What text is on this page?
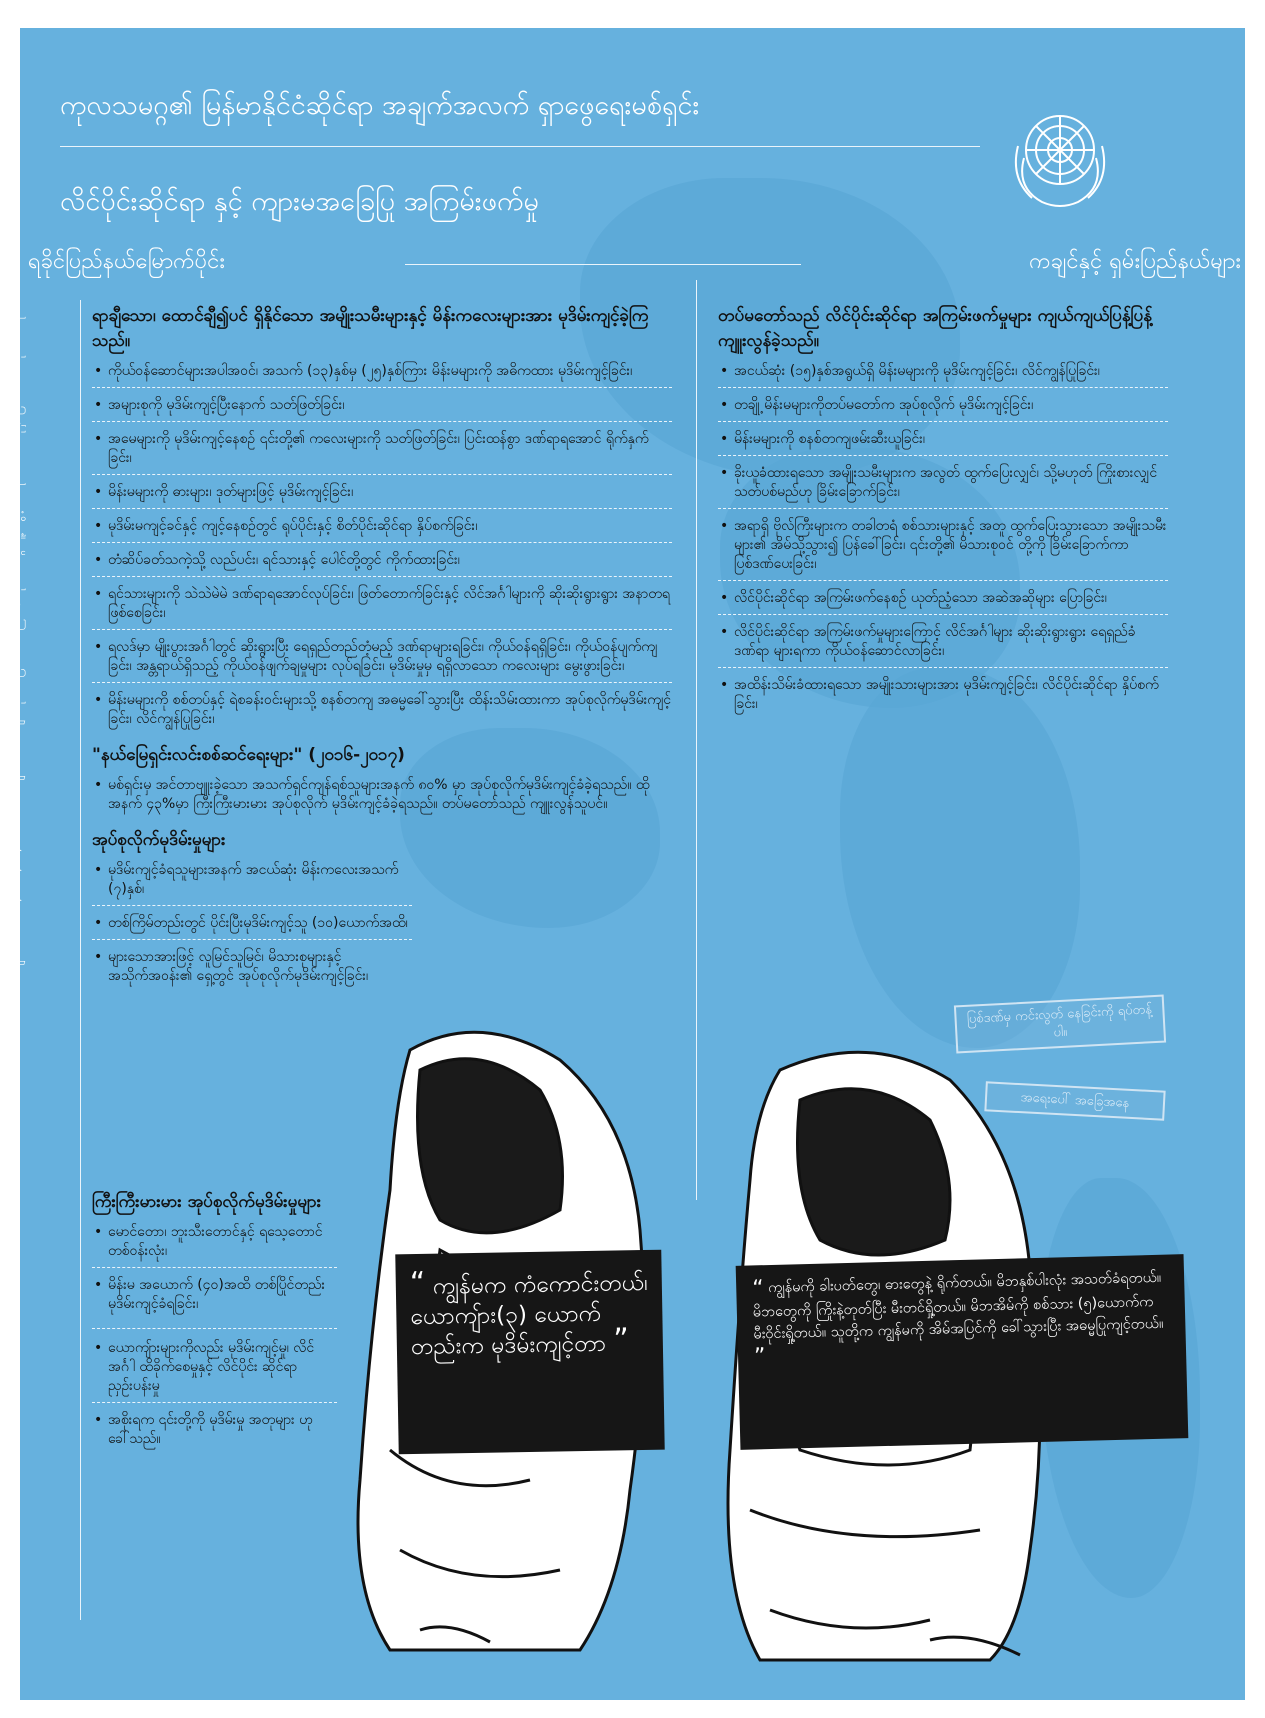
အချက်အလက် A/HRC/39/CRP.2 ပါ အချက်အလက်များကို အခြေခံထားသည်။ ©ကုလသမဂ္ဂ လူ့အခွင့်အရေးကောင်စီ။ ပုံနှိပ်ခြင်း ။ ဓာတ်ပုံ လင်ခ်ရင်း။
ကုလသမဂ္ဂ၏ မြန်မာနိုင်ငံဆိုင်ရာ အချက်အလက် ရှာဖွေရေးမစ်ရှင်း
လိင်ပိုင်းဆိုင်ရာ နှင့် ကျားမအခြေပြု အကြမ်းဖက်မှု
ရခိုင်ပြည်နယ်မြောက်ပိုင်း	ကချင်နှင့် ရှမ်းပြည်နယ်များ

ရာချီသော၊ ထောင်ချီ၍ပင် ရှိနိုင်သော အမျိုးသမီးများနှင့် မိန်းကလေးများအား မုဒိမ်းကျင့်ခဲ့ကြသည်။

• ကိုယ်ဝန်ဆောင်များအပါအဝင်၊ အသက် (၁၃)နှစ်မှ (၂၅)နှစ်ကြား မိန်းမများကို အဓိကထား မုဒိမ်းကျင့်ခြင်း၊
• အများစုကို မုဒိမ်းကျင့်ပြီးနောက် သတ်ဖြတ်ခြင်း၊
• အမေများကို မုဒိမ်းကျင့်နေစဉ် ၎င်းတို့၏ ကလေးများကို သတ်ဖြတ်ခြင်း၊ ပြင်းထန်စွာ ဒဏ်ရာရအောင် ရိုက်နှက်ခြင်း၊
• မိန်းမများကို ဓားများ၊ ဒုတ်များဖြင့် မုဒိမ်းကျင့်ခြင်း၊
• မုဒိမ်းမကျင့်ခင်နှင့် ကျင့်နေစဉ်တွင် ရုပ်ပိုင်းနှင့် စိတ်ပိုင်းဆိုင်ရာ နှိပ်စက်ခြင်း၊
• တံဆိပ်ခတ်သကဲ့သို့ လည်ပင်း၊ ရင်သားနှင့် ပေါင်တို့တွင် ကိုက်ထားခြင်း၊
• ရင်သားများကို သဲသဲမဲမဲ ဒဏ်ရာရအောင်လုပ်ခြင်း၊ ဖြတ်တောက်ခြင်းနှင့် လိင်အင်္ဂါများကို ဆိုးဆိုးရွားရွား အနာတရဖြစ်စေခြင်း၊
• ရလဒ်မှာ မျိုးပွားအင်္ဂါတွင် ဆိုးရွားပြီး ရေရှည်တည်တံ့မည့် ဒဏ်ရာများရခြင်း၊ ကိုယ်ဝန်ရရှိခြင်း၊ ကိုယ်ဝန်ပျက်ကျခြင်း၊ အန္တရာယ်ရှိသည့် ကိုယ်ဝန်ဖျက်ချမှုများ လုပ်ရခြင်း၊ မုဒိမ်းမှုမှ ရရှိလာသော ကလေးများ မွေးဖွားခြင်း၊
• မိန်းမများကို စစ်တပ်နှင့် ရဲစခန်းဝင်းများသို့ စနစ်တကျ အဓမ္မခေါ်သွားပြီး ထိန်းသိမ်းထားကာ အုပ်စုလိုက်မုဒိမ်းကျင့်ခြင်း၊ လိင်ကျွန်ပြုခြင်း၊

"နယ်မြေရှင်းလင်းစစ်ဆင်ရေးများ" (၂၀၁၆-၂၀၁၇)

• မစ်ရှင်းမှ အင်တာဗျူးခဲ့သော အသက်ရှင်ကျန်ရစ်သူများအနက် ၈၀% မှာ အုပ်စုလိုက်မုဒိမ်းကျင့်ခံခဲ့ရသည်။ ထိုအနက် ၄၃%မှာ ကြီးကြီးမားမား အုပ်စုလိုက် မုဒိမ်းကျင့်ခံခဲ့ရသည်။ တပ်မတော်သည် ကျူးလွန်သူပင်။

အုပ်စုလိုက်မုဒိမ်းမှုများ

• မုဒိမ်းကျင့်ခံရသူများအနက် အငယ်ဆုံး မိန်းကလေးအသက် (၇)နှစ်၊
• တစ်ကြိမ်တည်းတွင် ပိုင်းပြီးမုဒိမ်းကျင့်သူ (၁၀)ယောက်အထိ၊
• များသောအားဖြင့် လူမြင်သူမြင်၊ မိသားစုများနှင့် အသိုက်အဝန်း၏ ရှေ့တွင် အုပ်စုလိုက်မုဒိမ်းကျင့်ခြင်း၊

ကြီးကြီးမားမား အုပ်စုလိုက်မုဒိမ်းမှုများ

• မောင်တော၊ ဘူးသီးတောင်နှင့် ရသေ့တောင်တစ်ဝန်းလုံး၊
• မိန်းမ အယောက် (၄၀)အထိ တစ်ပြိုင်တည်း မုဒိမ်းကျင့်ခံရခြင်း၊
• ယောကျ်ားများကိုလည်း မုဒိမ်းကျင့်မှု၊ လိင်အင်္ဂါ ထိခိုက်စေမှုနှင့် လိင်ပိုင်း ဆိုင်ရာ ညှဉ်းပန်းမှု
• အစိုးရက ၎င်းတို့ကို မုဒိမ်းမှု အတုများ ဟု ခေါ်သည်။

တပ်မတော်သည် လိင်ပိုင်းဆိုင်ရာ အကြမ်းဖက်မှုများ ကျယ်ကျယ်ပြန့်ပြန့် ကျူးလွန်ခဲ့သည်။

• အငယ်ဆုံး (၁၅)နှစ်အရွယ်ရှိ မိန်းမများကို မုဒိမ်းကျင့်ခြင်း၊ လိင်ကျွန်ပြုခြင်း၊
• တချို့ မိန်းမများကိုတပ်မတော်က အုပ်စုလိုက် မုဒိမ်းကျင့်ခြင်း၊
• မိန်းမများကို စနစ်တကျဖမ်းဆီးယူခြင်း၊
• ခိုးယူခံထားရသော အမျိုးသမီးများက အလွတ် ထွက်ပြေးလျှင်၊ သို့မဟုတ် ကြိုးစားလျှင် သတ်ပစ်မည်ဟု ခြိမ်းခြောက်ခြင်း၊
• အရာရှိ ဗိုလ်ကြီးများက တခါတရံ စစ်သားများနှင့် အတူ ထွက်ပြေးသွားသော အမျိုးသမီးများ၏ အိမ်သို့သွား၍ ပြန်ခေါ်ခြင်း၊ ၎င်းတို့၏ မိသားစုဝင် တို့ကို ခြိမ်းခြောက်ကာ ပြစ်ဒဏ်ပေးခြင်း၊
• လိင်ပိုင်းဆိုင်ရာ အကြမ်းဖက်နေစဉ် ယုတ်ညံ့သော အဆဲအဆိုများ ပြောခြင်း၊
• လိင်ပိုင်းဆိုင်ရာ အကြမ်းဖက်မှုများကြောင့် လိင်အင်္ဂါများ ဆိုးဆိုးရွားရွား ရေရှည်ခံ ဒဏ်ရာ များရကာ ကိုယ်ဝန်ဆောင်လာခြင်း၊
• အထိန်းသိမ်းခံထားရသော အမျိုးသားများအား မုဒိမ်းကျင့်ခြင်း၊ လိင်ပိုင်းဆိုင်ရာ နှိပ်စက်ခြင်း၊
ပြစ်ဒဏ်မှ ကင်းလွတ် နေခြင်းကို ရပ်တန့်ပါ။
အရေးပေါ် အခြေအနေ
“ ကျွန်မက ကံကောင်းတယ်၊ ယောကျ်ား(၃) ယောက်တည်းက မုဒိမ်းကျင့်တာ ”
“ ကျွန်မကို ခါးပတ်တွေ၊ ဓားတွေနဲ့ ရိုက်တယ်။ မိဘနှစ်ပါးလုံး အသတ်ခံရတယ်။ မိဘတွေကို ကြိုးနဲ့တုတ်ပြီး မီးတင်ရှို့တယ်။ မိဘအိမ်ကို စစ်သား (၅)ယောက်က မီးဝိုင်းရှို့တယ်။ သူတို့က ကျွန်မကို အိမ်အပြင်ကို ခေါ်သွားပြီး အဓမ္မပြုကျင့်တယ်။ ”
